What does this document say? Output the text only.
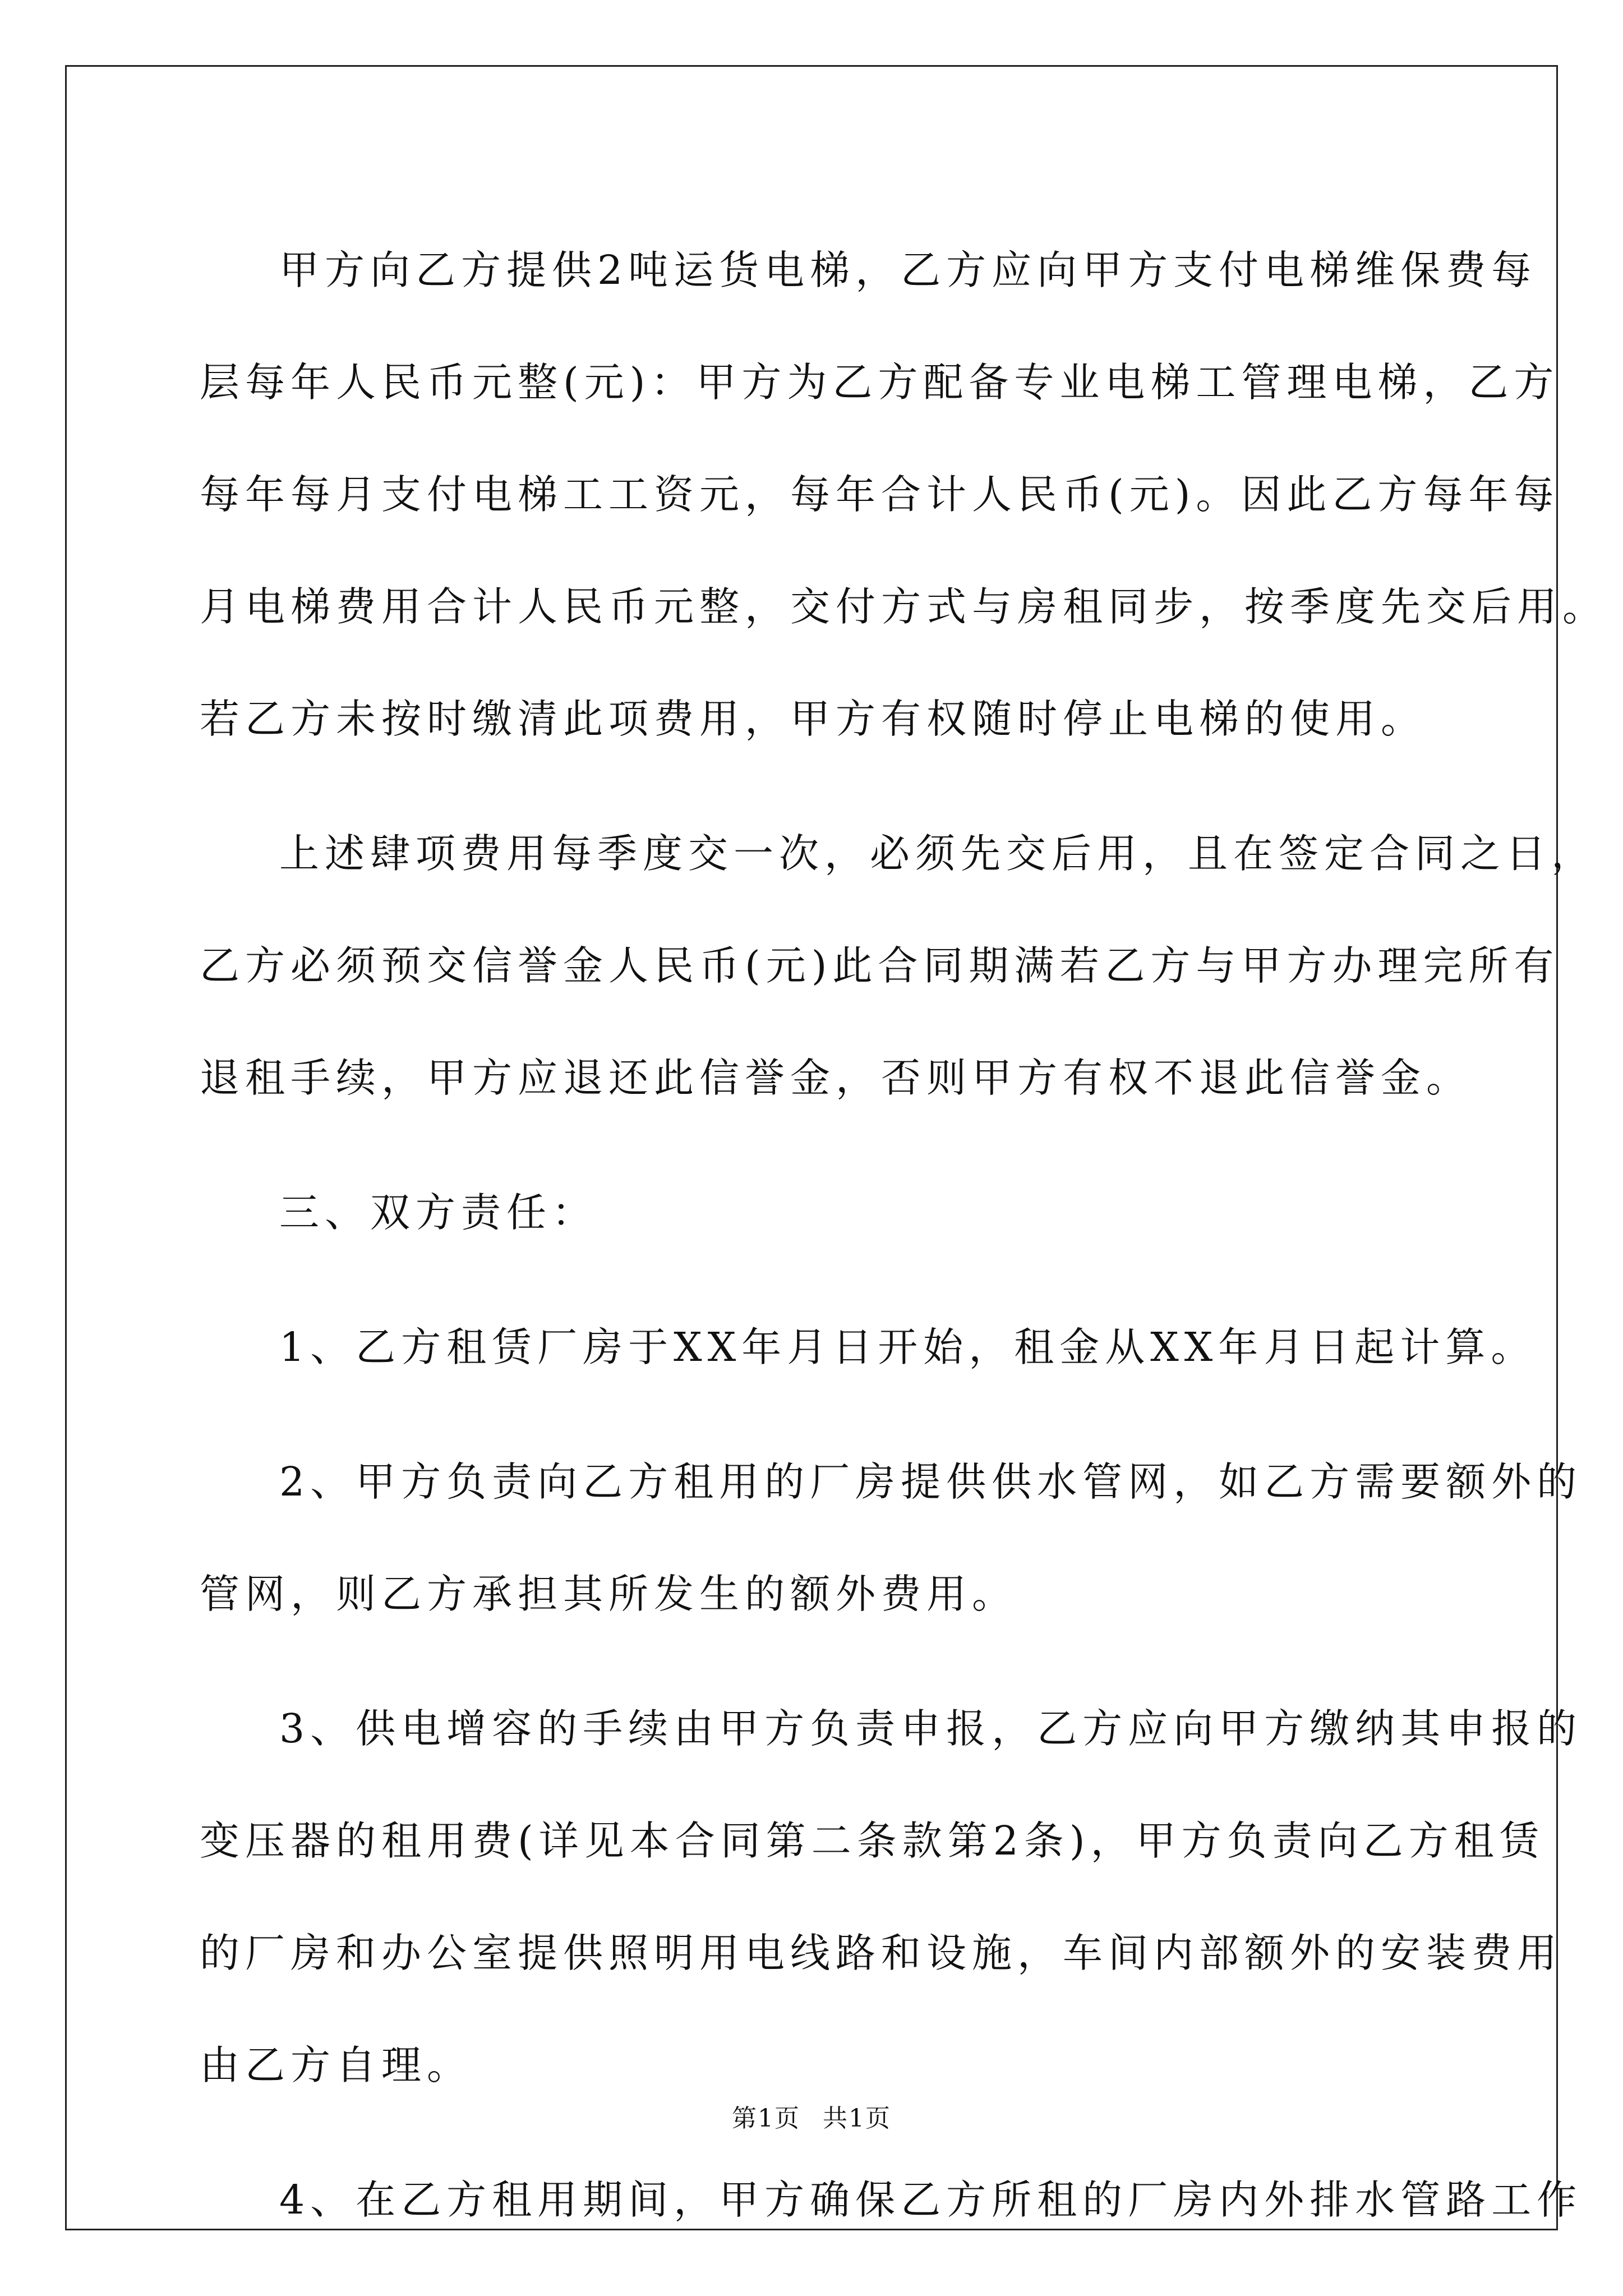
甲方向乙方提供2吨运货电梯，乙方应向甲方支付电梯维保费每
层每年人民币元整(元)：甲方为乙方配备专业电梯工管理电梯，乙方
每年每月支付电梯工工资元，每年合计人民币(元)。因此乙方每年每
月电梯费用合计人民币元整，交付方式与房租同步，按季度先交后用。
若乙方未按时缴清此项费用，甲方有权随时停止电梯的使用。
上述肆项费用每季度交一次，必须先交后用，且在签定合同之日，
乙方必须预交信誉金人民币(元)此合同期满若乙方与甲方办理完所有
退租手续，甲方应退还此信誉金，否则甲方有权不退此信誉金。
三、双方责任：
1、乙方租赁厂房于XX年月日开始，租金从XX年月日起计算。
2、甲方负责向乙方租用的厂房提供供水管网，如乙方需要额外的
管网，则乙方承担其所发生的额外费用。
3、供电增容的手续由甲方负责申报，乙方应向甲方缴纳其申报的
变压器的租用费(详见本合同第二条款第2条)，甲方负责向乙方租赁
的厂房和办公室提供照明用电线路和设施，车间内部额外的安装费用
由乙方自理。
4、在乙方租用期间，甲方确保乙方所租的厂房内外排水管路工作
第1页 共1页
